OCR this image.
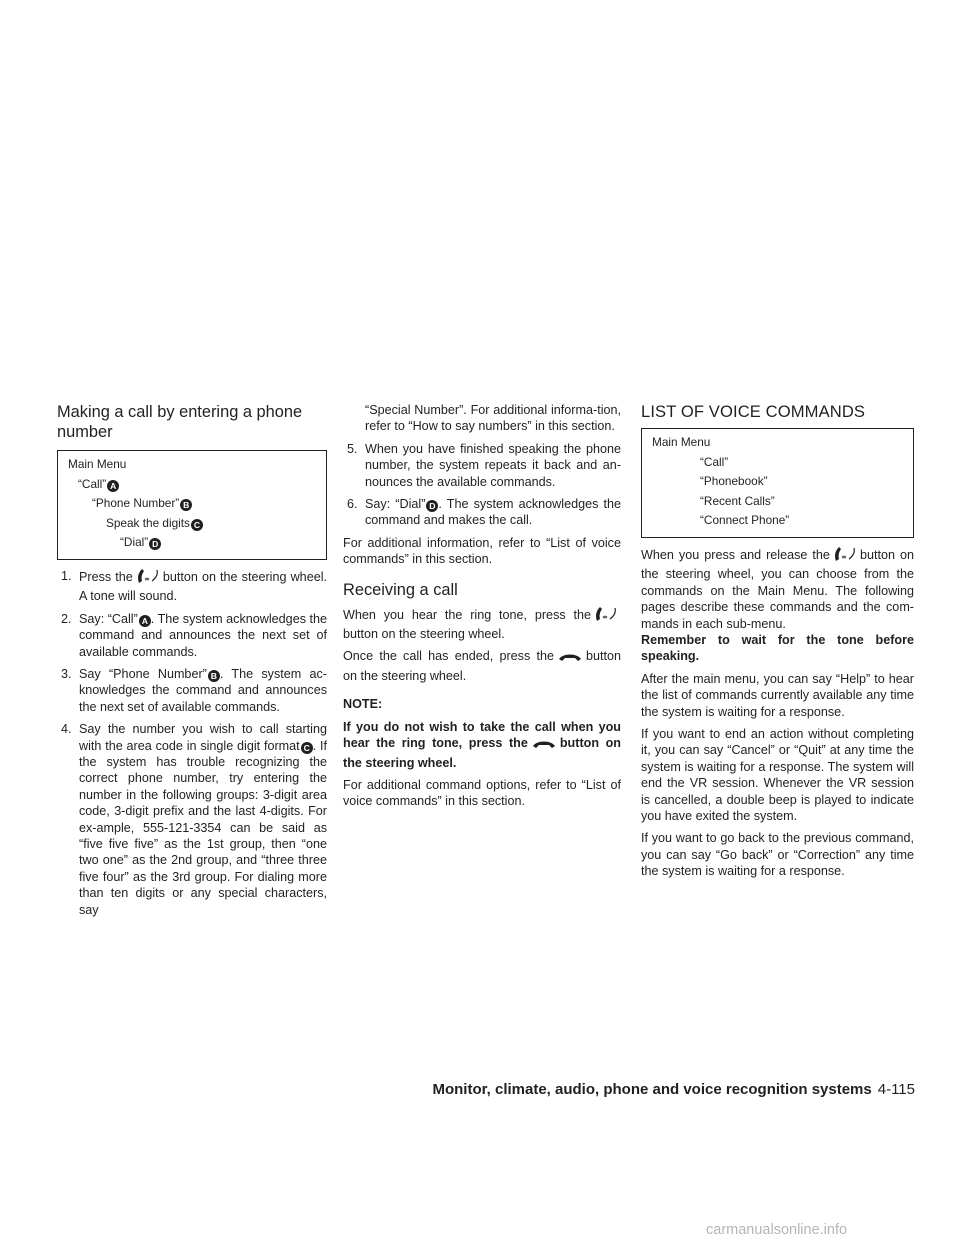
Making a call by entering a phone number
Main Menu
“Call” A
“Phone Number” B
Speak the digits C
“Dial” D
1. Press the button on the steering wheel. A tone will sound.
2. Say: “Call” A . The system acknowledges the command and announces the next set of available commands.
3. Say “Phone Number” B . The system ac-knowledges the command and announces the next set of available commands.
4. Say the number you wish to call starting with the area code in single digit format C . If the system has trouble recognizing the correct phone number, try entering the number in the following groups: 3-digit area code, 3-digit prefix and the last 4-digits. For ex-ample, 555-121-3354 can be said as “five five five” as the 1st group, then “one two one” as the 2nd group, and “three three five four” as the 3rd group. For dialing more than ten digits or any special characters, say
“Special Number”. For additional informa-tion, refer to “How to say numbers” in this section.
5. When you have finished speaking the phone number, the system repeats it back and an-nounces the available commands.
6. Say: “Dial” D . The system acknowledges the command and makes the call.

For additional information, refer to “List of voice commands” in this section.

Receiving a call

When you hear the ring tone, press thebutton on the steering wheel.

Once the call has ended, press the	button on the steering wheel.

NOTE:

If you do not wish to take the call when you hear the ring tone, press the	button on the steering wheel.

For additional command options, refer to “List of voice commands” in this section.

LIST OF VOICE COMMANDS
Main Menu
“Call”
“Phonebook”
“Recent Calls”
“Connect Phone”

When you press and release the button on the steering wheel, you can choose from the commands on the Main Menu. The following pages describe these commands and the com-mands in each sub-menu.

Remember to wait for the tone before speaking.

After the main menu, you can say “Help” to hear the list of commands currently available any time the system is waiting for a response.

If you want to end an action without completing it, you can say “Cancel” or “Quit” at any time the system is waiting for a response. The system will end the VR session. Whenever the VR session is cancelled, a double beep is played to indicate you have exited the system.

If you want to go back to the previous command, you can say “Go back” or “Correction” any time the system is waiting for a response.

Monitor, climate, audio, phone and voice recognition systems 4-115
carmanualsonline.info
